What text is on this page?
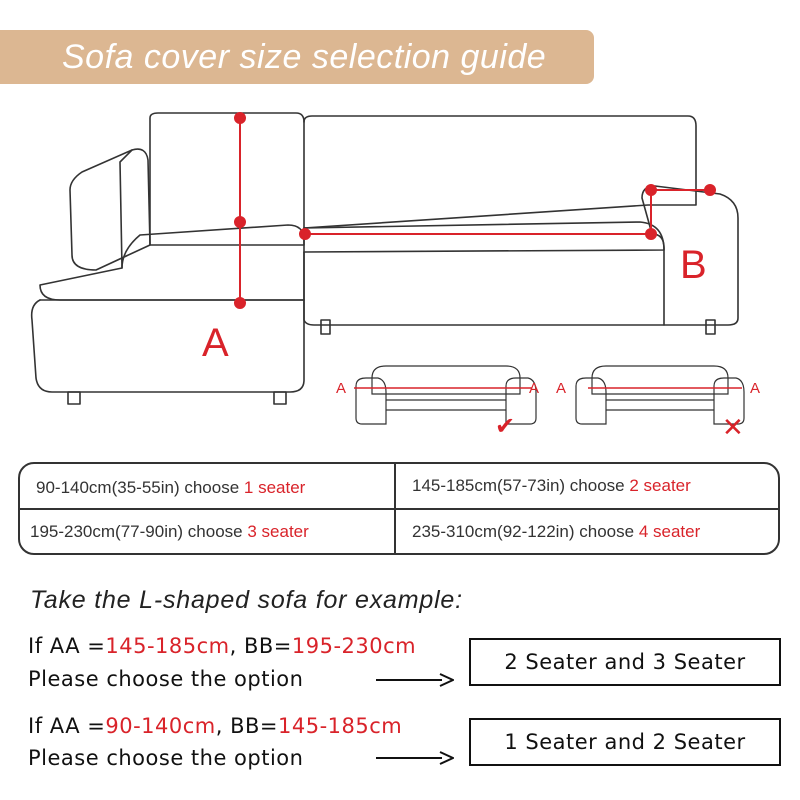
Sofa cover size selection guide
A
B
A	A
✔
A	A
✕
90-140cm(35-55in) choose 1 seater	145-185cm(57-73in) choose 2 seater
195-230cm(77-90in) choose 3 seater	235-310cm(92-122in) choose 4 seater
Take the L-shaped sofa for example:
If AA =145-185cm, BB=195-230cm
Please choose the option
2 Seater and 3 Seater
If AA =90-140cm, BB=145-185cm
Please choose the option
1 Seater and 2 Seater
